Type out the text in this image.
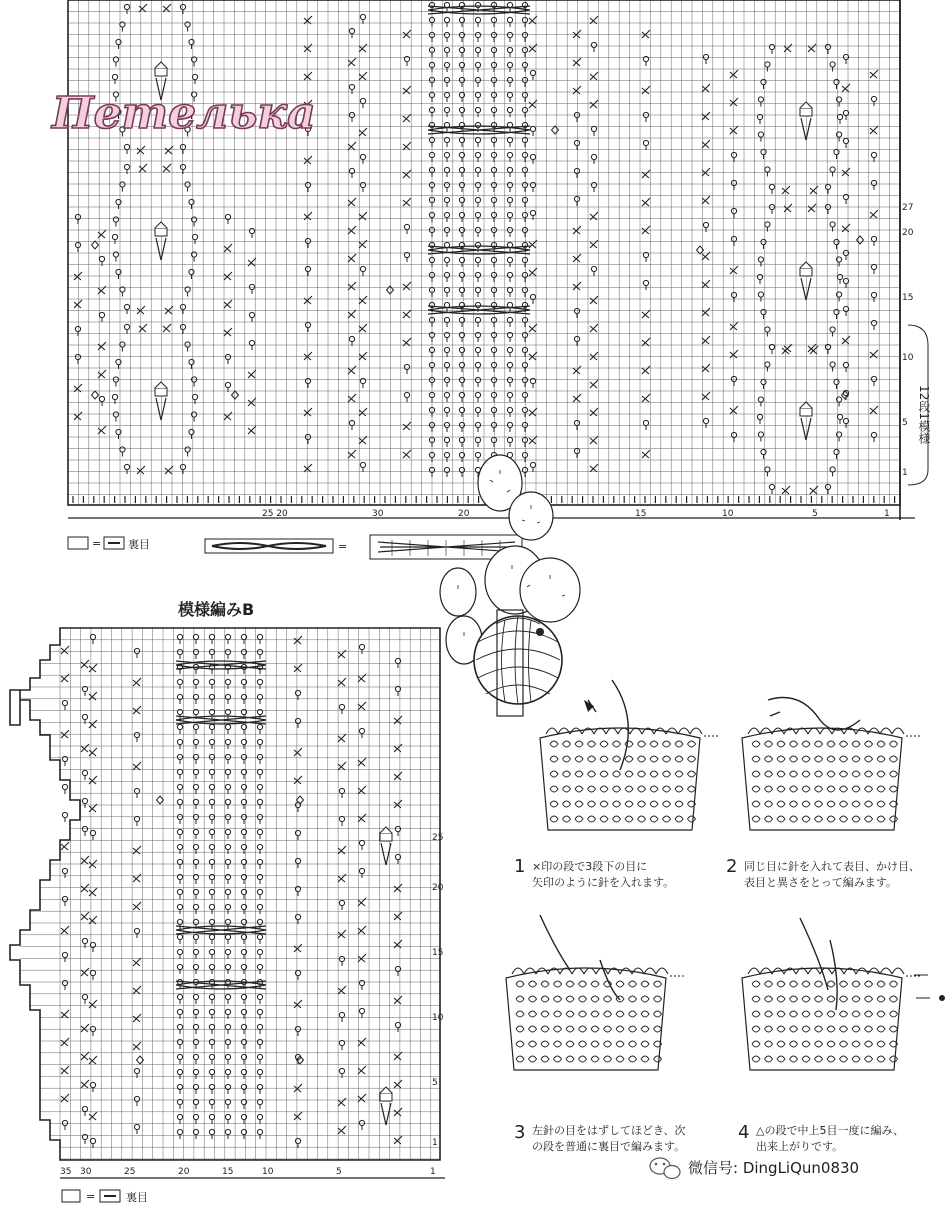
27
20
15
10
5
1
12段1模様
25 20	30	20	15	10	5	1
Петелька
= 裏目	=
模様編みB
25
20
15
10
5
1
35 30	25	20	15	10	5	1
=	裏目
1 ×印の段で3段下の目に
矢印のように針を入れます。
2 同じ目に針を入れて表目、かけ目、
表目と異さをとって編みます。
3 左針の目をはずしてほどき、次
の段を普通に裏目で編みます。
4 △の段で中上5目一度に編み、
出来上がりです。
微信号: DingLiQun0830
